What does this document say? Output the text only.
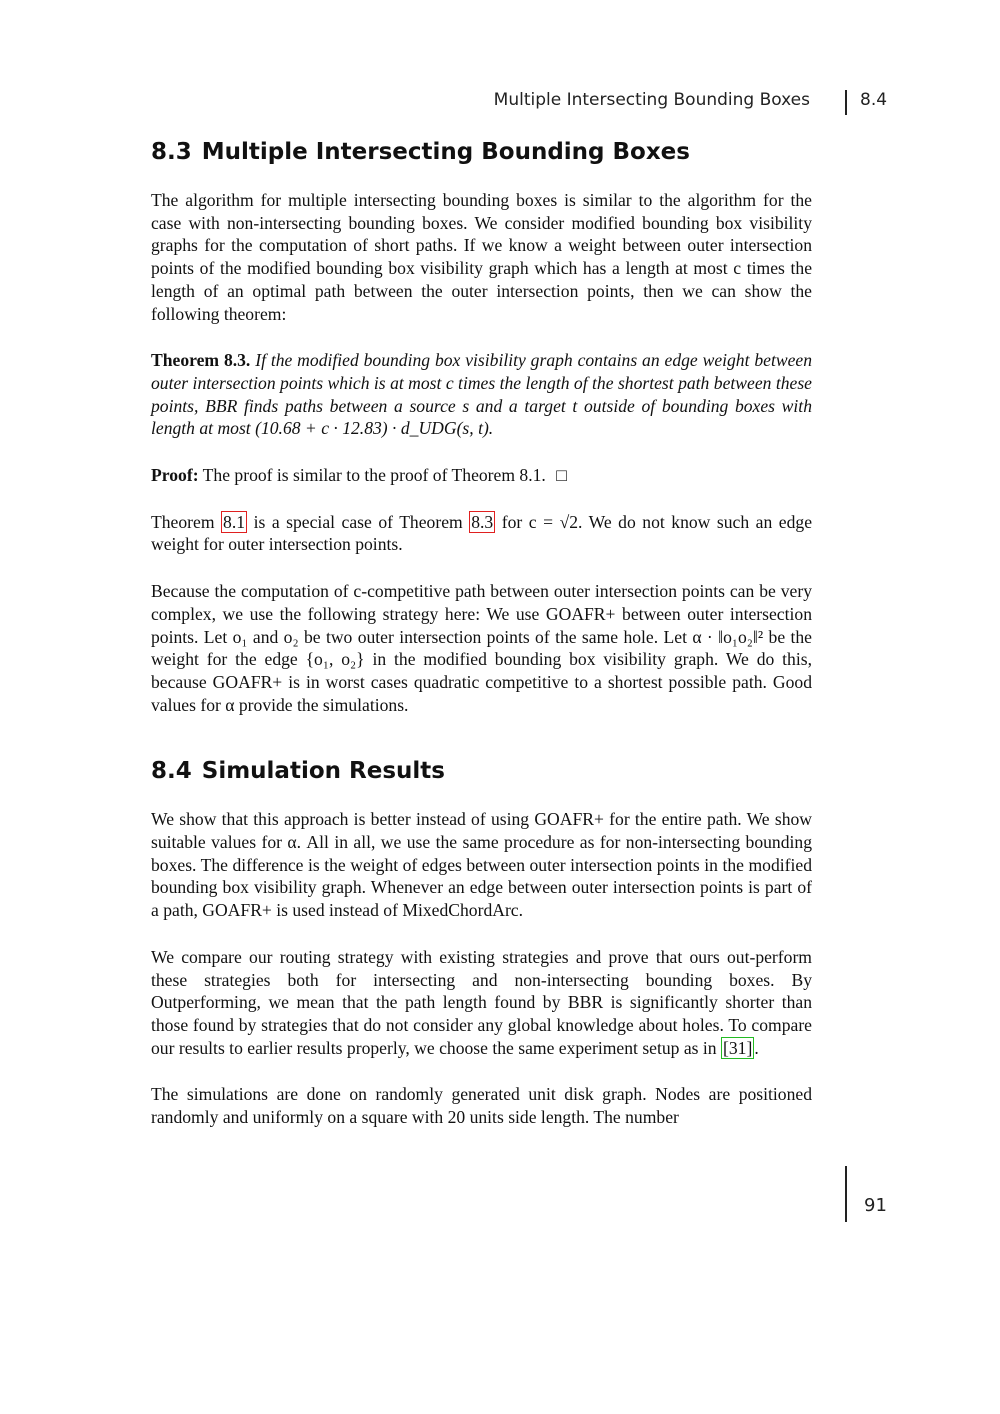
Multiple Intersecting Bounding Boxes	8.4
8.3 Multiple Intersecting Bounding Boxes

The algorithm for multiple intersecting bounding boxes is similar to the algorithm for the case with non-intersecting bounding boxes. We consider modified bounding box visibility graphs for the computation of short paths. If we know a weight between outer intersection points of the modified bounding box visibility graph which has a length at most c times the length of an optimal path between the outer intersection points, then we can show the following theorem:

Theorem 8.3. If the modified bounding box visibility graph contains an edge weight between outer intersection points which is at most c times the length of the shortest path between these points, BBR finds paths between a source s and a target t outside of bounding boxes with length at most (10.68 + c · 12.83) · d_UDG(s, t).

Proof: The proof is similar to the proof of Theorem 8.1. □

Theorem 8.1 is a special case of Theorem 8.3 for c = √2. We do not know such an edge weight for outer intersection points.

Because the computation of c-competitive path between outer intersection points can be very complex, we use the following strategy here: We use GOAFR+ between outer intersection points. Let o₁ and o₂ be two outer intersection points of the same hole. Let α · ‖o₁o₂‖² be the weight for the edge {o₁, o₂} in the modified bounding box visibility graph. We do this, because GOAFR+ is in worst cases quadratic competitive to a shortest possible path. Good values for α provide the simulations.

8.4 Simulation Results

We show that this approach is better instead of using GOAFR+ for the entire path. We show suitable values for α. All in all, we use the same procedure as for non-intersecting bounding boxes. The difference is the weight of edges between outer intersection points in the modified bounding box visibility graph. Whenever an edge between outer intersection points is part of a path, GOAFR+ is used instead of MixedChordArc.

We compare our routing strategy with existing strategies and prove that ours out-perform these strategies both for intersecting and non-intersecting bounding boxes. By Outperforming, we mean that the path length found by BBR is significantly shorter than those found by strategies that do not consider any global knowledge about holes. To compare our results to earlier results properly, we choose the same experiment setup as in [31] .

The simulations are done on randomly generated unit disk graph. Nodes are positioned randomly and uniformly on a square with 20 units side length. The number

91
